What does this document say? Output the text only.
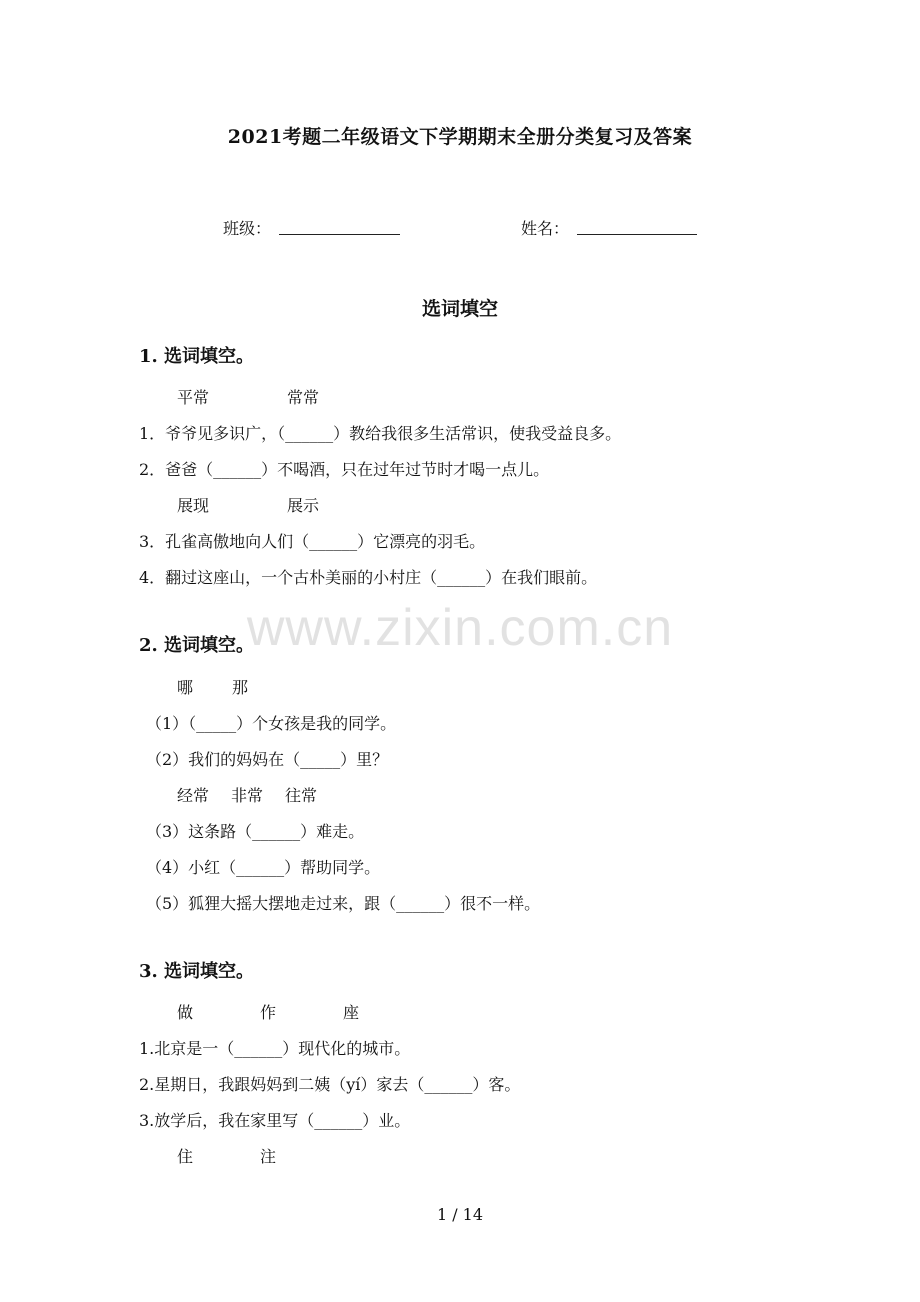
2021考题二年级语文下学期期末全册分类复习及答案
班级：	姓名：
选词填空
1. 选词填空。
平常	常常
1．爷爷见多识广，（______）教给我很多生活常识，使我受益良多。
2．爸爸（______）不喝酒，只在过年过节时才喝一点儿。
展现	展示
3．孔雀高傲地向人们（______）它漂亮的羽毛。
4．翻过这座山，一个古朴美丽的小村庄（______）在我们眼前。
www.zixin.com.cn
2. 选词填空。
哪 那
（1）（_____）个女孩是我的同学。
（2）我们的妈妈在（_____）里？
经常 非常 往常
（3）这条路（______）难走。
（4）小红（______）帮助同学。
（5）狐狸大摇大摆地走过来，跟（______）很不一样。
3. 选词填空。
做	作	座
1.北京是一（______）现代化的城市。
2.星期日，我跟妈妈到二姨（yí）家去（______）客。
3.放学后，我在家里写（______）业。
住	注
1 / 14
